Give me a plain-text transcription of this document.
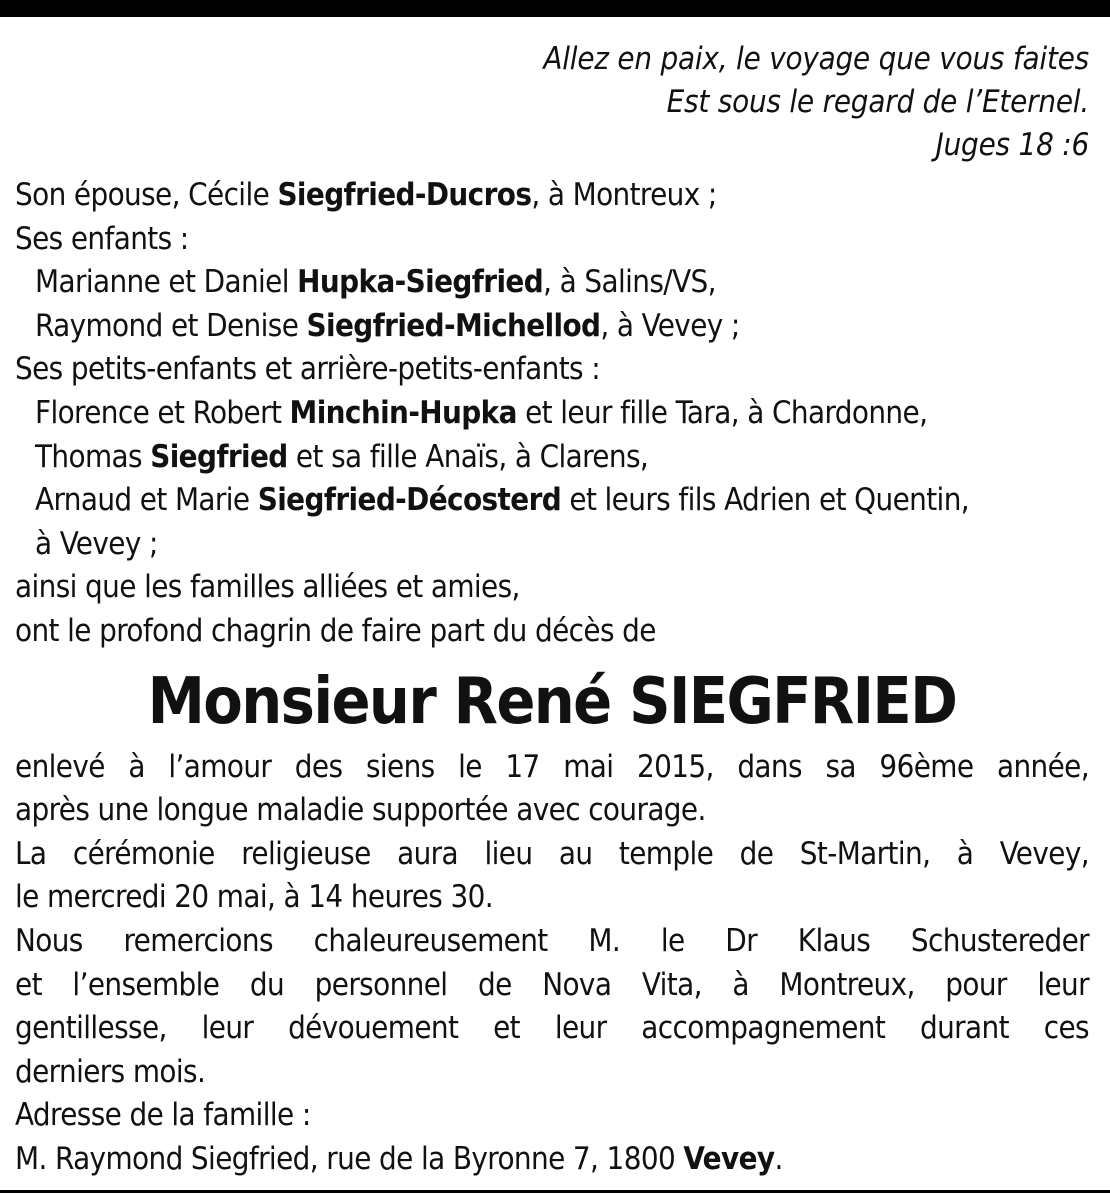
Allez en paix, le voyage que vous faites
Est sous le regard de l’Eternel.
Juges 18 :6
Son épouse, Cécile Siegfried-Ducros, à Montreux ;
Ses enfants :
Marianne et Daniel Hupka-Siegfried, à Salins/VS,
Raymond et Denise Siegfried-Michellod, à Vevey ;
Ses petits-enfants et arrière-petits-enfants :
Florence et Robert Minchin-Hupka et leur fille Tara, à Chardonne,
Thomas Siegfried et sa fille Anaïs, à Clarens,
Arnaud et Marie Siegfried-Décosterd et leurs fils Adrien et Quentin,
à Vevey ;
ainsi que les familles alliées et amies,
ont le profond chagrin de faire part du décès de
Monsieur René SIEGFRIED
enlevé à l’amour des siens le 17 mai 2015, dans sa 96ème année,
après une longue maladie supportée avec courage.
La cérémonie religieuse aura lieu au temple de St-Martin, à Vevey,
le mercredi 20 mai, à 14 heures 30.
Nous remercions chaleureusement M. le Dr Klaus Schustereder
et l’ensemble du personnel de Nova Vita, à Montreux, pour leur
gentillesse, leur dévouement et leur accompagnement durant ces
derniers mois.
Adresse de la famille :
M. Raymond Siegfried, rue de la Byronne 7, 1800 Vevey.
